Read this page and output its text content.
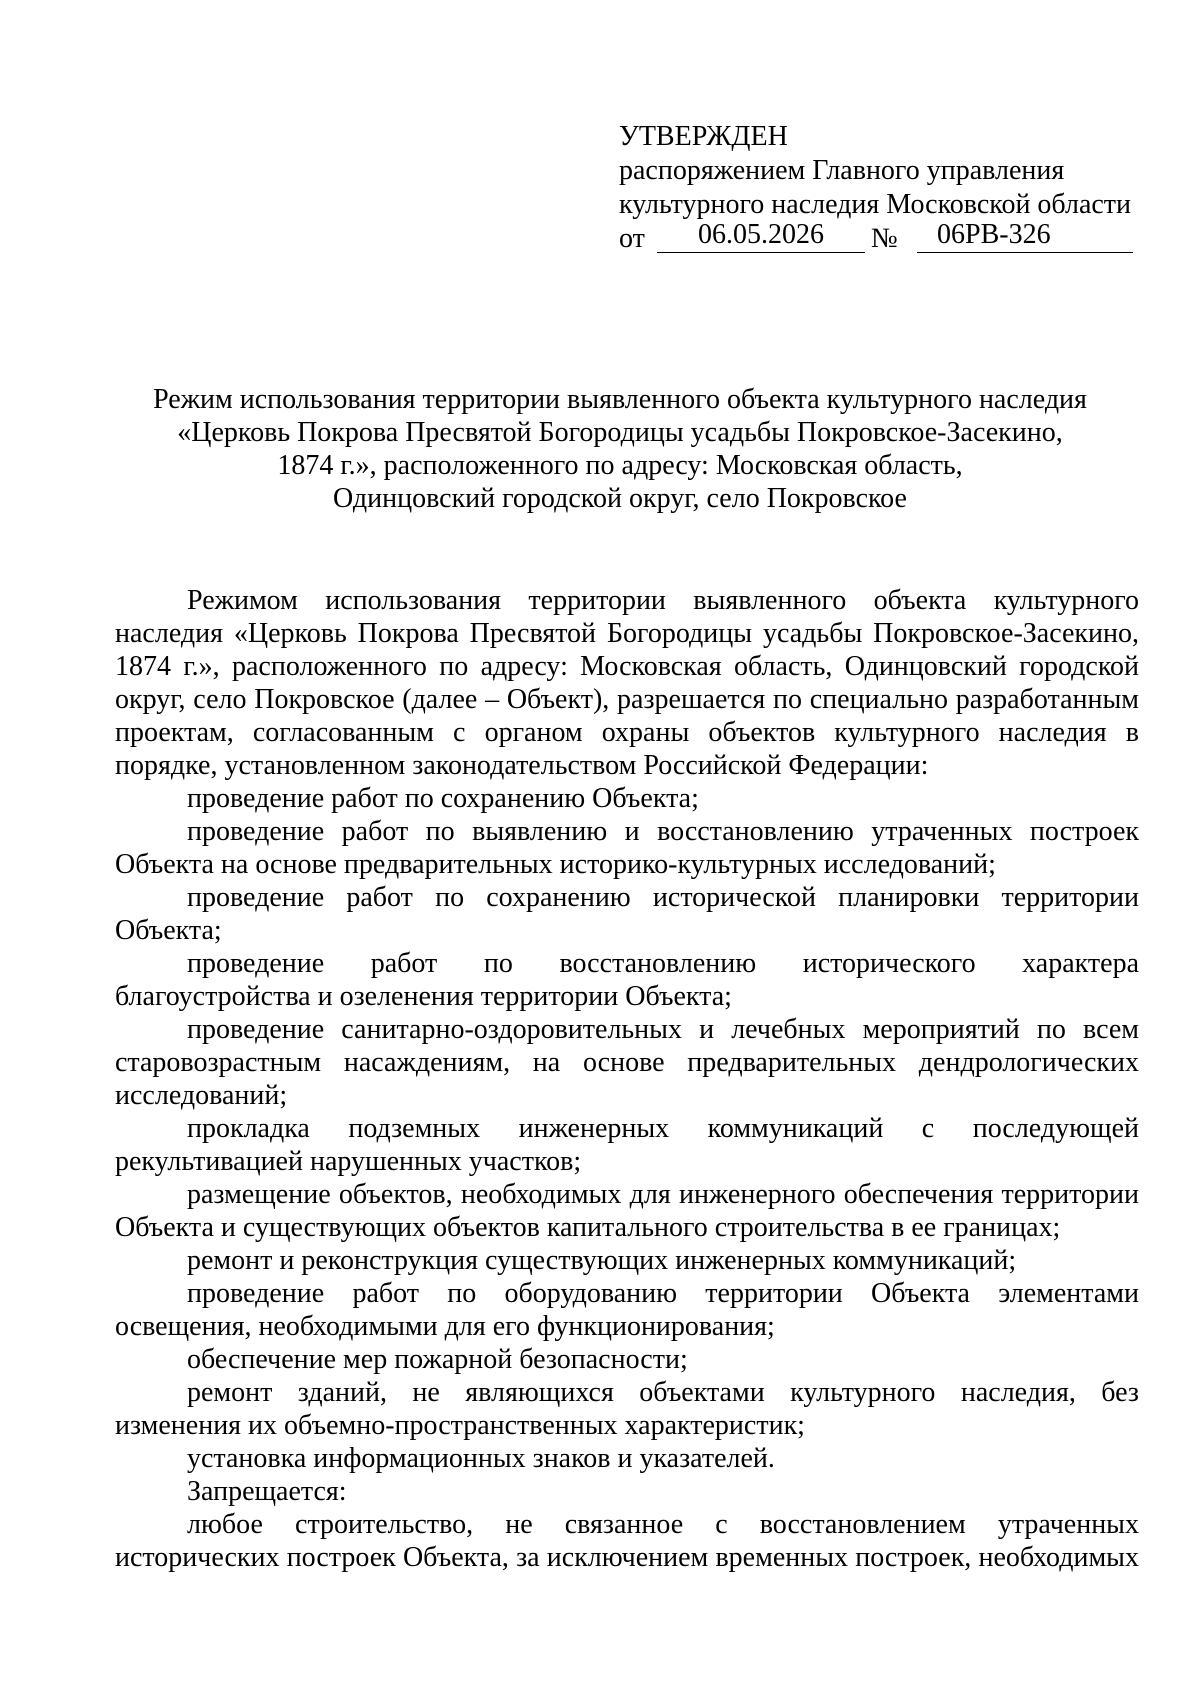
УТВЕРЖДЕН
распоряжением Главного управления
культурного наследия Московской области
от	06.05.2026	№ 06РВ-326
Режим использования территории выявленного объекта культурного наследия
«Церковь Покрова Пресвятой Богородицы усадьбы Покровское-Засекино,
1874 г.», расположенного по адресу: Московская область,
Одинцовский городской округ, село Покровское

Режимом использования территории выявленного объекта культурного наследия «Церковь Покрова Пресвятой Богородицы усадьбы Покровское-Засекино, 1874 г.», расположенного по адресу: Московская область, Одинцовский городской округ, село Покровское (далее – Объект), разрешается по специально разработанным проектам, согласованным с органом охраны объектов культурного наследия в порядке, установленном законодательством Российской Федерации:

проведение работ по сохранению Объекта;

проведение работ по выявлению и восстановлению утраченных построек Объекта на основе предварительных историко-культурных исследований;

проведение работ по сохранению исторической планировки территории Объекта;

проведение работ по восстановлению исторического характера благоустройства и озеленения территории Объекта;

проведение санитарно-оздоровительных и лечебных мероприятий по всем старовозрастным насаждениям, на основе предварительных дендрологических исследований;

прокладка подземных инженерных коммуникаций с последующей рекультивацией нарушенных участков;

размещение объектов, необходимых для инженерного обеспечения территории Объекта и существующих объектов капитального строительства в ее границах;

ремонт и реконструкция существующих инженерных коммуникаций;

проведение работ по оборудованию территории Объекта элементами освещения, необходимыми для его функционирования;

обеспечение мер пожарной безопасности;

ремонт зданий, не являющихся объектами культурного наследия, без изменения их объемно-пространственных характеристик;

установка информационных знаков и указателей.

Запрещается:

любое строительство, не связанное с восстановлением утраченных исторических построек Объекта, за исключением временных построек, необходимых
